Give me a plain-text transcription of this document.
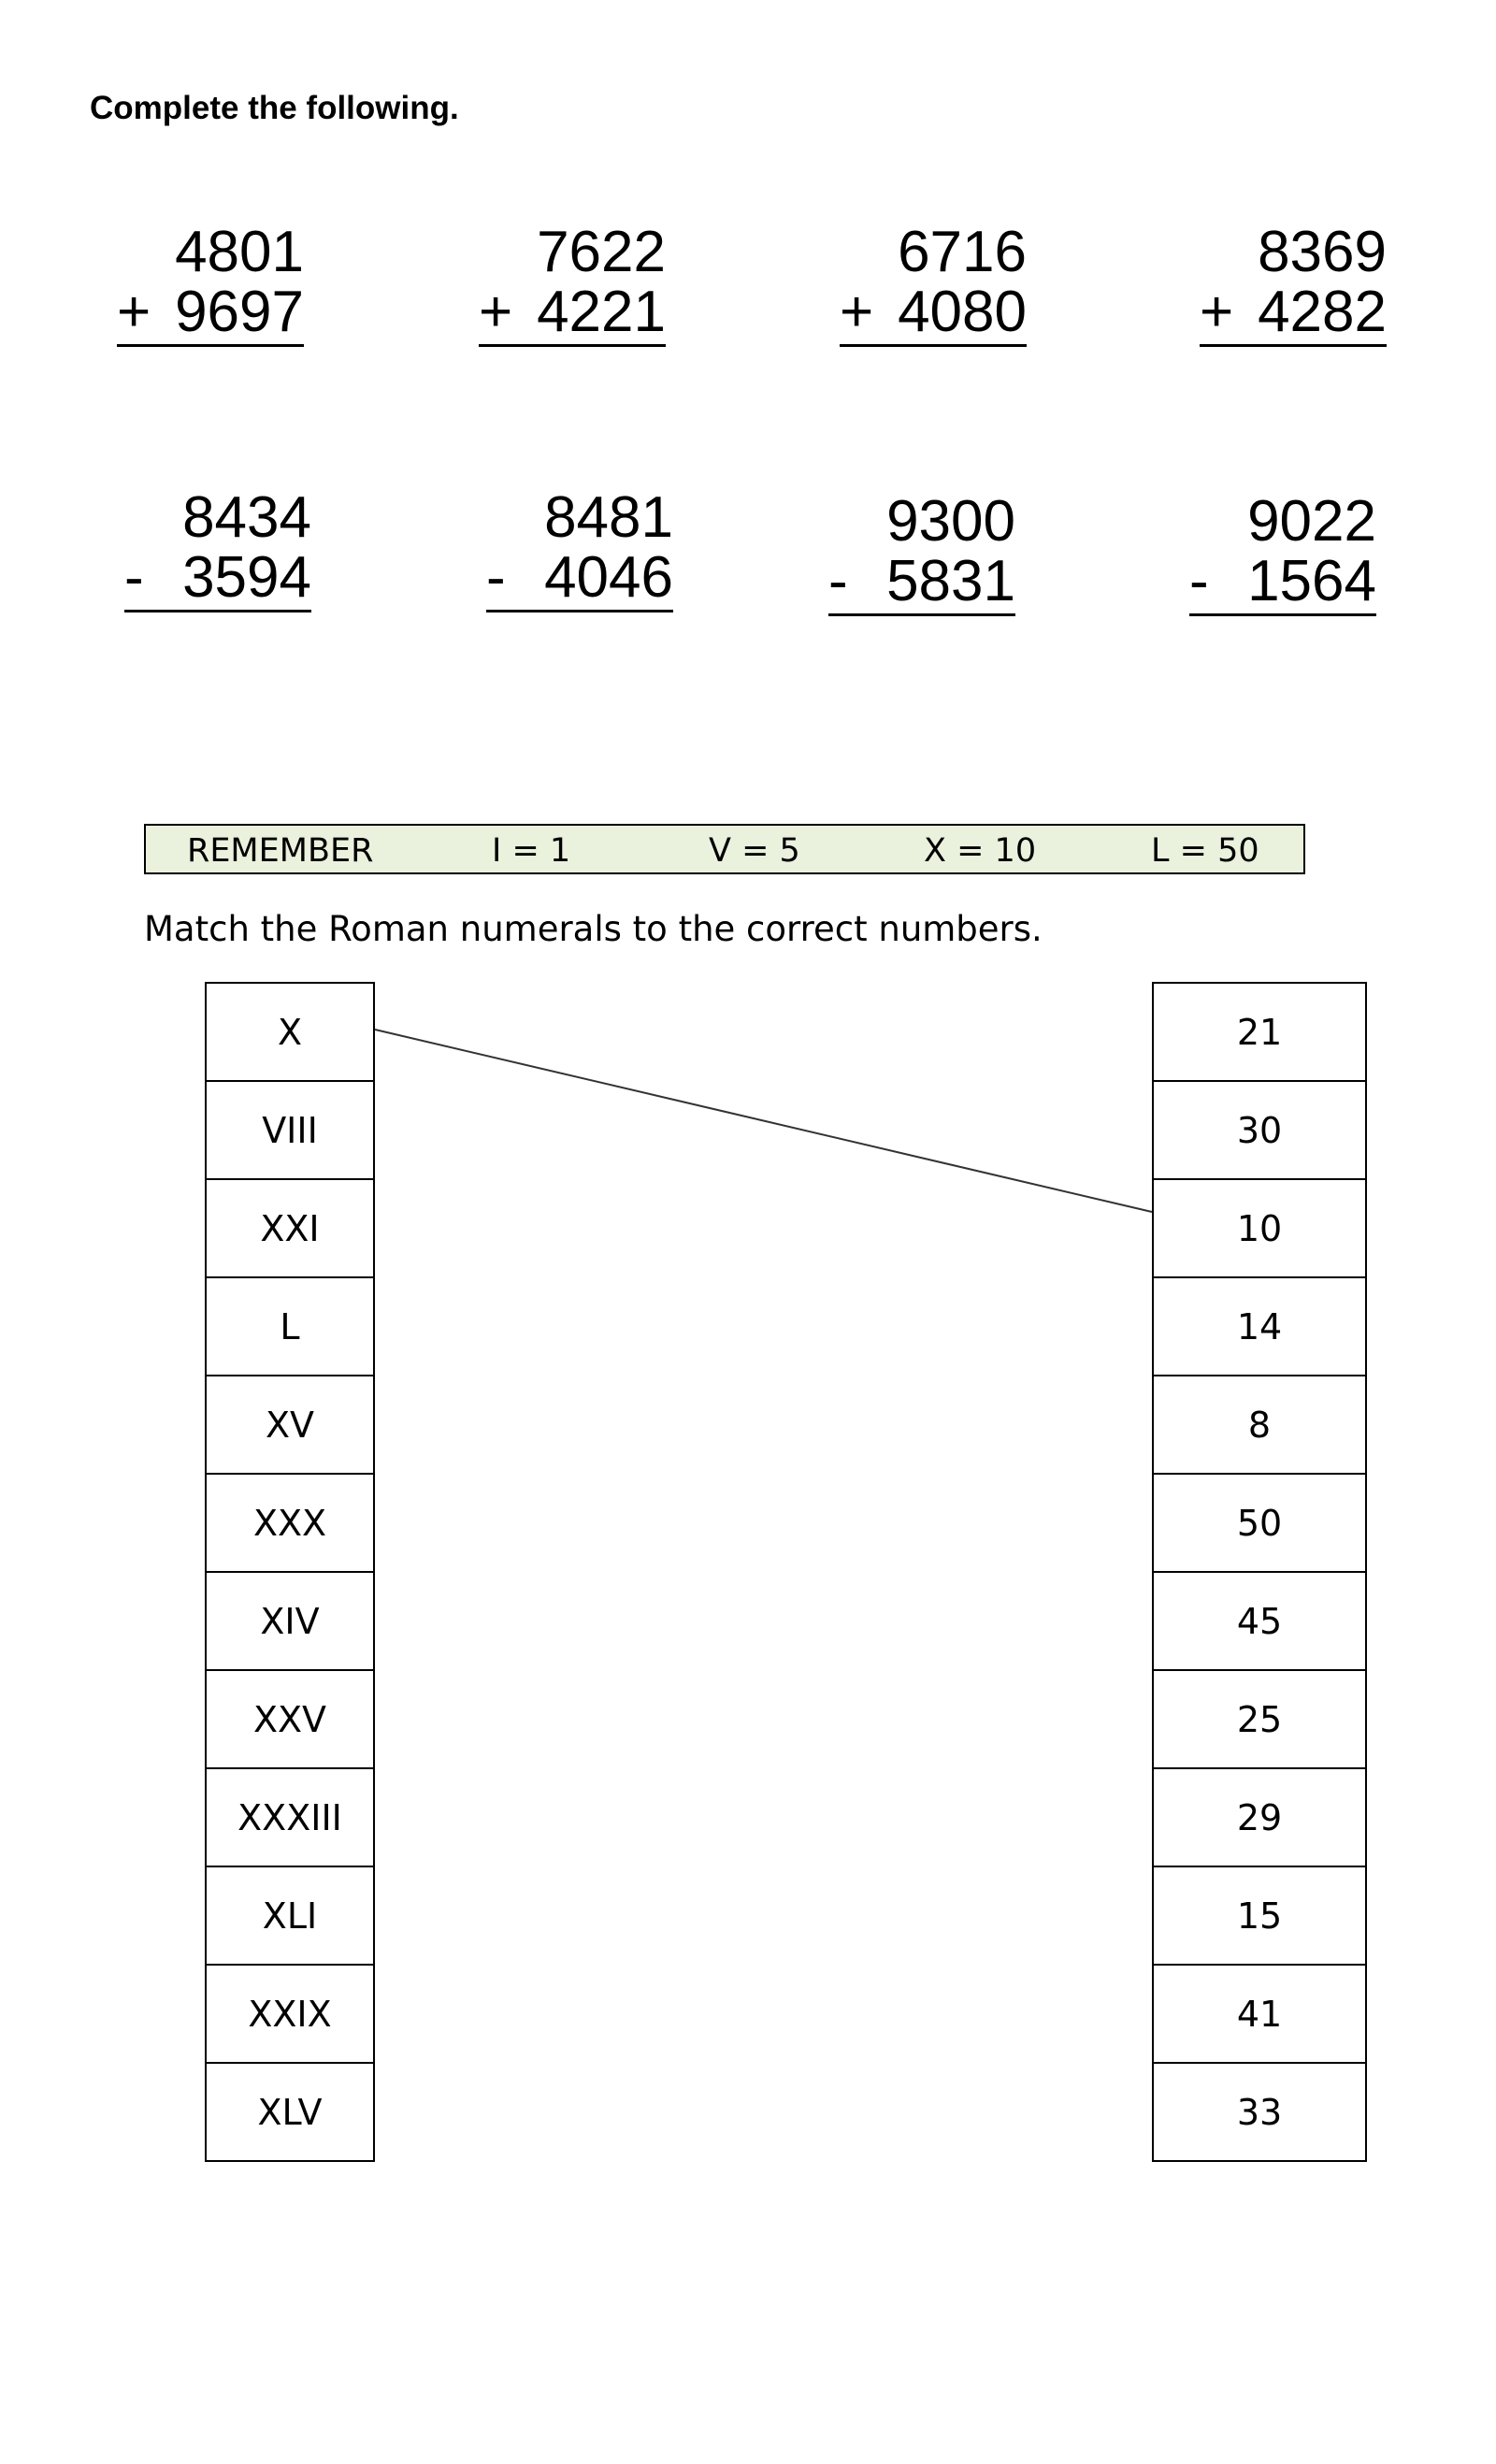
Complete the following.
4801
+ 9697
7622
+ 4221
6716
+ 4080
8369
+ 4282
8434
- 3594
8481
- 4046
9300
- 5831
9022
- 1564
REMEMBER	I = 1	V = 5	X = 10	L = 50
Match the Roman numerals to the correct numbers.
X
VIII
XXI
L
XV
XXX
XIV
XXV
XXXIII
XLI
XXIX
XLV
21
30
10
14
8
50
45
25
29
15
41
33
